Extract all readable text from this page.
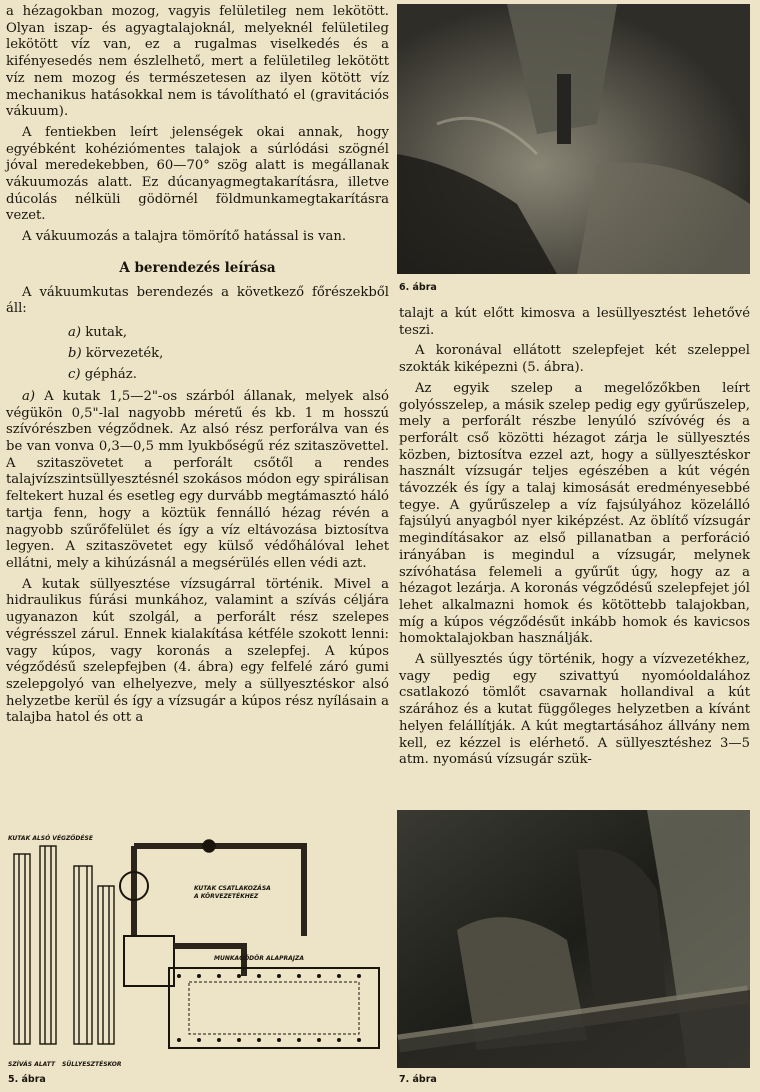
a hézagokban mozog, vagyis felületileg nem lekötött. Olyan iszap- és agyagtalajoknál, melyeknél felületileg lekötött víz van, ez a rugalmas viselkedés és a kifényesedés nem észlelhető, mert a felületileg lekötött víz nem mozog és természetesen az ilyen kötött víz mechanikus hatásokkal nem is távolítható el (gravitációs vákuum).

A fentiekben leírt jelenségek okai annak, hogy egyébként kohéziómentes talajok a súrlódási szögnél jóval meredekebben, 60—70° szög alatt is megállanak vákuumozás alatt. Ez dúcanyagmegtakarításra, illetve dúcolás nélküli gödörnél földmunkamegtakarításra vezet.

A vákuumozás a talajra tömörítő hatással is van.

A berendezés leírása

A vákuumkutas berendezés a következő főrészekből áll:

a) kutak,
b) körvezeték,
c) gépház.

a) A kutak 1,5—2"-os szárból állanak, melyek alsó végükön 0,5"-lal nagyobb méretű és kb. 1 m hosszú szívórészben végződnek. Az alsó rész perforálva van és be van vonva 0,3—0,5 mm lyukbőségű réz szitaszövettel. A szitaszövetet a perforált csőtől a rendes talajvízszintsüllyesztésnél szokásos módon egy spirálisan feltekert huzal és esetleg egy durvább megtámasztó háló tartja fenn, hogy a köztük fennálló hézag révén a nagyobb szűrőfelület és így a víz eltávozása biztosítva legyen. A szitaszövetet egy külső védőhálóval lehet ellátni, mely a kihúzásnál a megsérülés ellen védi azt.

A kutak süllyesztése vízsugárral történik. Mivel a hidraulikus fúrási munkához, valamint a szívás céljára ugyanazon kút szolgál, a perforált rész szelepes végrésszel zárul. Ennek kialakítása kétféle szokott lenni: vagy kúpos, vagy koronás a szelepfej. A kúpos végződésű szelepfejben (4. ábra) egy felfelé záró gumi szelepgolyó van elhelyezve, mely a süllyesztéskor alsó helyzetbe kerül és így a vízsugár a kúpos rész nyílásain a talajba hatol és ott a

6. ábra

talajt a kút előtt kimosva a lesüllyesztést lehetővé teszi.

A koronával ellátott szelepfejet két szeleppel szokták kiképezni (5. ábra).

Az egyik szelep a megelőzőkben leírt golyósszelep, a másik szelep pedig egy gyűrűszelep, mely a perforált részbe lenyúló szívóvég és a perforált cső közötti hézagot zárja le süllyesztés közben, biztosítva ezzel azt, hogy a süllyesztéskor használt vízsugár teljes egészében a kút végén távozzék és így a talaj kimosását eredményesebbé tegye. A gyűrűszelep a víz fajsúlyához közelálló fajsúlyú anyagból nyer kiképzést. Az öblítő vízsugár megindításakor az első pillanatban a perforáció irányában is megindul a vízsugár, melynek szívóhatása felemeli a gyűrűt úgy, hogy az a hézagot lezárja. A koronás végződésű szelepfejet jól lehet alkalmazni homok és kötöttebb talajokban, míg a kúpos végződésűt inkább homok és kavicsos homoktalajokban használják.

A süllyesztés úgy történik, hogy a vízvezetékhez, vagy pedig egy szivattyú nyomóoldalához csatlakozó tömlőt csavarnak hollandival a kút szárához és a kutat függőleges helyzetben a kívánt helyen felállítják. A kút megtartásához állvány nem kell, ez kézzel is elérhető. A süllyesztéshez 3—5 atm. nyomású vízsugár szük-

7. ábra
KUTAK ALSÓ VÉGZŐDÉSE
KUTAK CSATLAKOZÁSA
A KÖRVEZETÉKHEZ
MUNKAGÖDÖR ALAPRAJZA
SZÍVÁS ALATT SÜLLYESZTÉSKOR
5. ábra
